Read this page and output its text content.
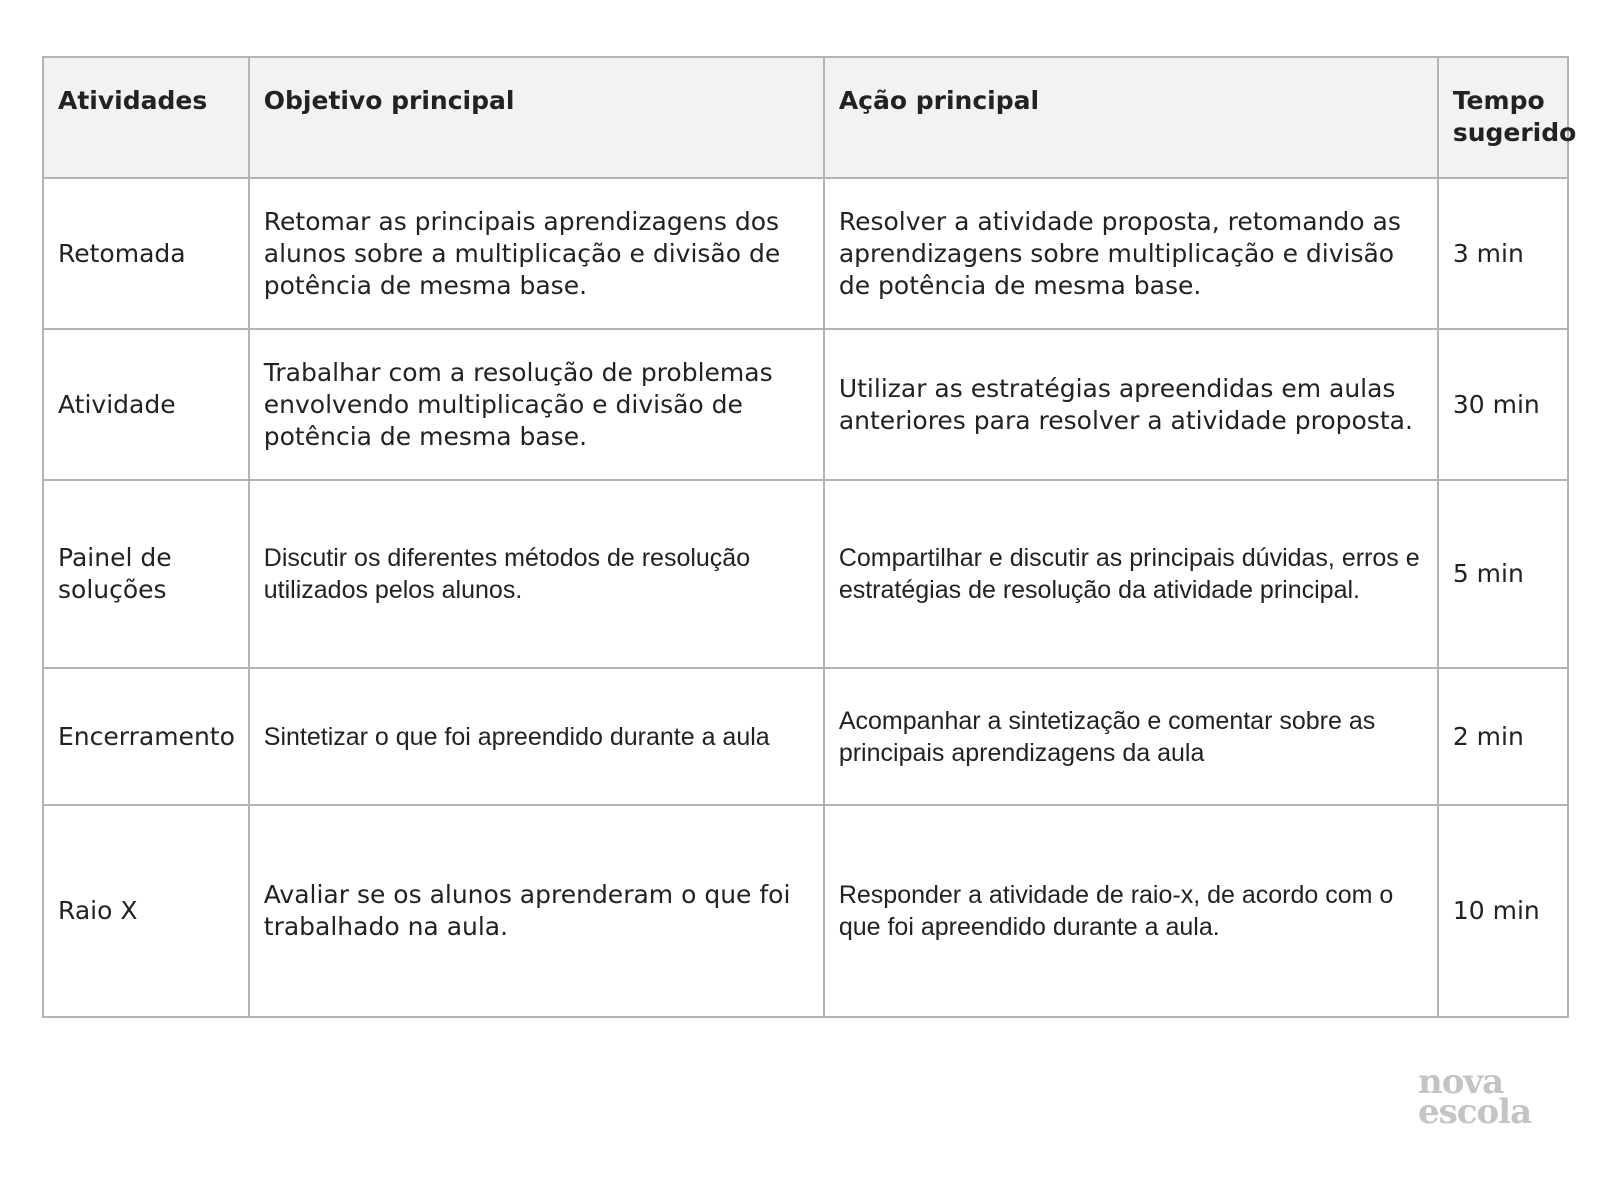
Atividades	Objetivo principal	Ação principal	Tempo sugerido
Retomada	Retomar as principais aprendizagens dos alunos sobre a multiplicação e divisão de potência de mesma base.	Resolver a atividade proposta, retomando as aprendizagens sobre multiplicação e divisão de potência de mesma base.	3 min
Atividade	Trabalhar com a resolução de problemas envolvendo multiplicação e divisão de potência de mesma base.	Utilizar as estratégias apreendidas em aulas anteriores para resolver a atividade proposta.	30 min
Painel de soluções	Discutir os diferentes métodos de resolução utilizados pelos alunos.	Compartilhar e discutir as principais dúvidas, erros e estratégias de resolução da atividade principal.	5 min
Encerramento	Sintetizar o que foi apreendido durante a aula	Acompanhar a sintetização e comentar sobre as principais aprendizagens da aula	2 min
Raio X	Avaliar se os alunos aprenderam o que foi trabalhado na aula.	Responder a atividade de raio-x, de acordo com o que foi apreendido durante a aula.	10 min
nova
escola
